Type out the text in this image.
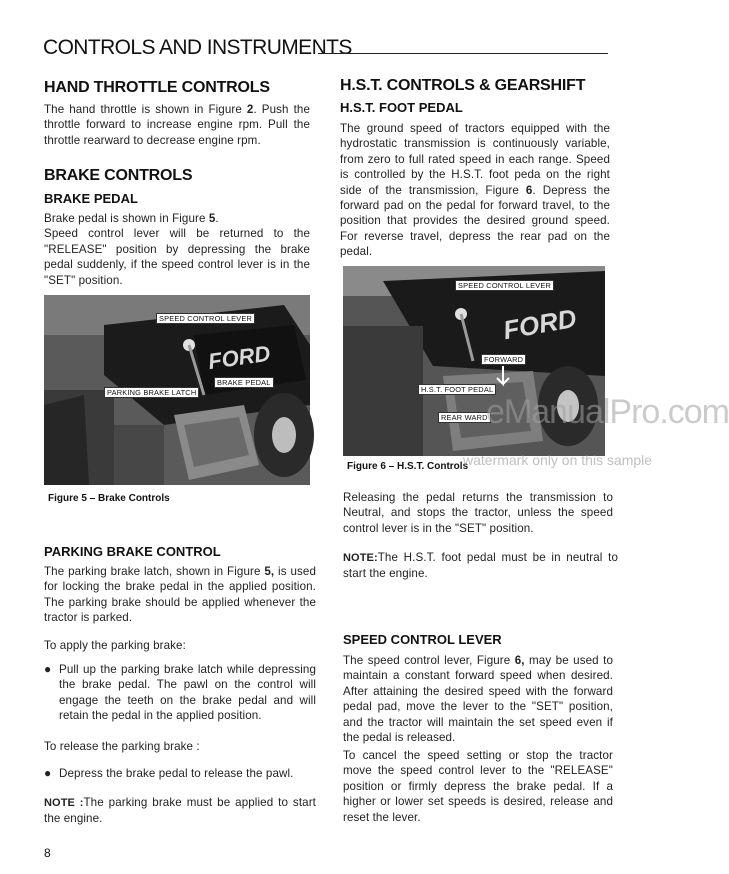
CONTROLS AND INSTRUMENTS
HAND THROTTLE CONTROLS
The hand throttle is shown in Figure 2. Push the throttle forward to increase engine rpm. Pull the throttle rearward to decrease engine rpm.
BRAKE CONTROLS
BRAKE PEDAL
Brake pedal is shown in Figure 5.
Speed control lever will be returned to the "RELEASE" position by depressing the brake pedal suddenly, if the speed control lever is in the "SET" position.
FORD
SPEED CONTROL LEVER
BRAKE PEDAL
PARKING BRAKE LATCH
Figure 5 – Brake Controls
PARKING BRAKE CONTROL
The parking brake latch, shown in Figure 5, is used for locking the brake pedal in the applied position. The parking brake should be applied whenever the tractor is parked.
To apply the parking brake:
● Pull up the parking brake latch while depressing the brake pedal. The pawl on the control will engage the teeth on the brake pedal and will retain the pedal in the applied position.
To release the parking brake :
● Depress the brake pedal to release the pawl.
NOTE :The parking brake must be applied to start the engine.
8
H.S.T. CONTROLS & GEARSHIFT
H.S.T. FOOT PEDAL
The ground speed of tractors equipped with the hydrostatic transmission is continuously variable, from zero to full rated speed in each range. Speed is controlled by the H.S.T. foot peda on the right side of the transmission, Figure 6. Depress the forward pad on the pedal for forward travel, to the position that provides the desired ground speed. For reverse travel, depress the rear pad on the pedal.
FORD
SPEED CONTROL LEVER
FORWARD
H.S.T. FOOT PEDAL
REAR WARD
Figure 6 – H.S.T. Controls
eManualPro.com
watermark only on this sample
Releasing the pedal returns the transmission to Neutral, and stops the tractor, unless the speed control lever is in the "SET" position.
NOTE:The H.S.T. foot pedal must be in neutral to start the engine.
SPEED CONTROL LEVER
The speed control lever, Figure 6, may be used to maintain a constant forward speed when desired. After attaining the desired speed with the forward pedal pad, move the lever to the "SET" position, and the tractor will maintain the set speed even if the pedal is released.
To cancel the speed setting or stop the tractor move the speed control lever to the "RELEASE" position or firmly depress the brake pedal. If a higher or lower set speeds is desired, release and reset the lever.
